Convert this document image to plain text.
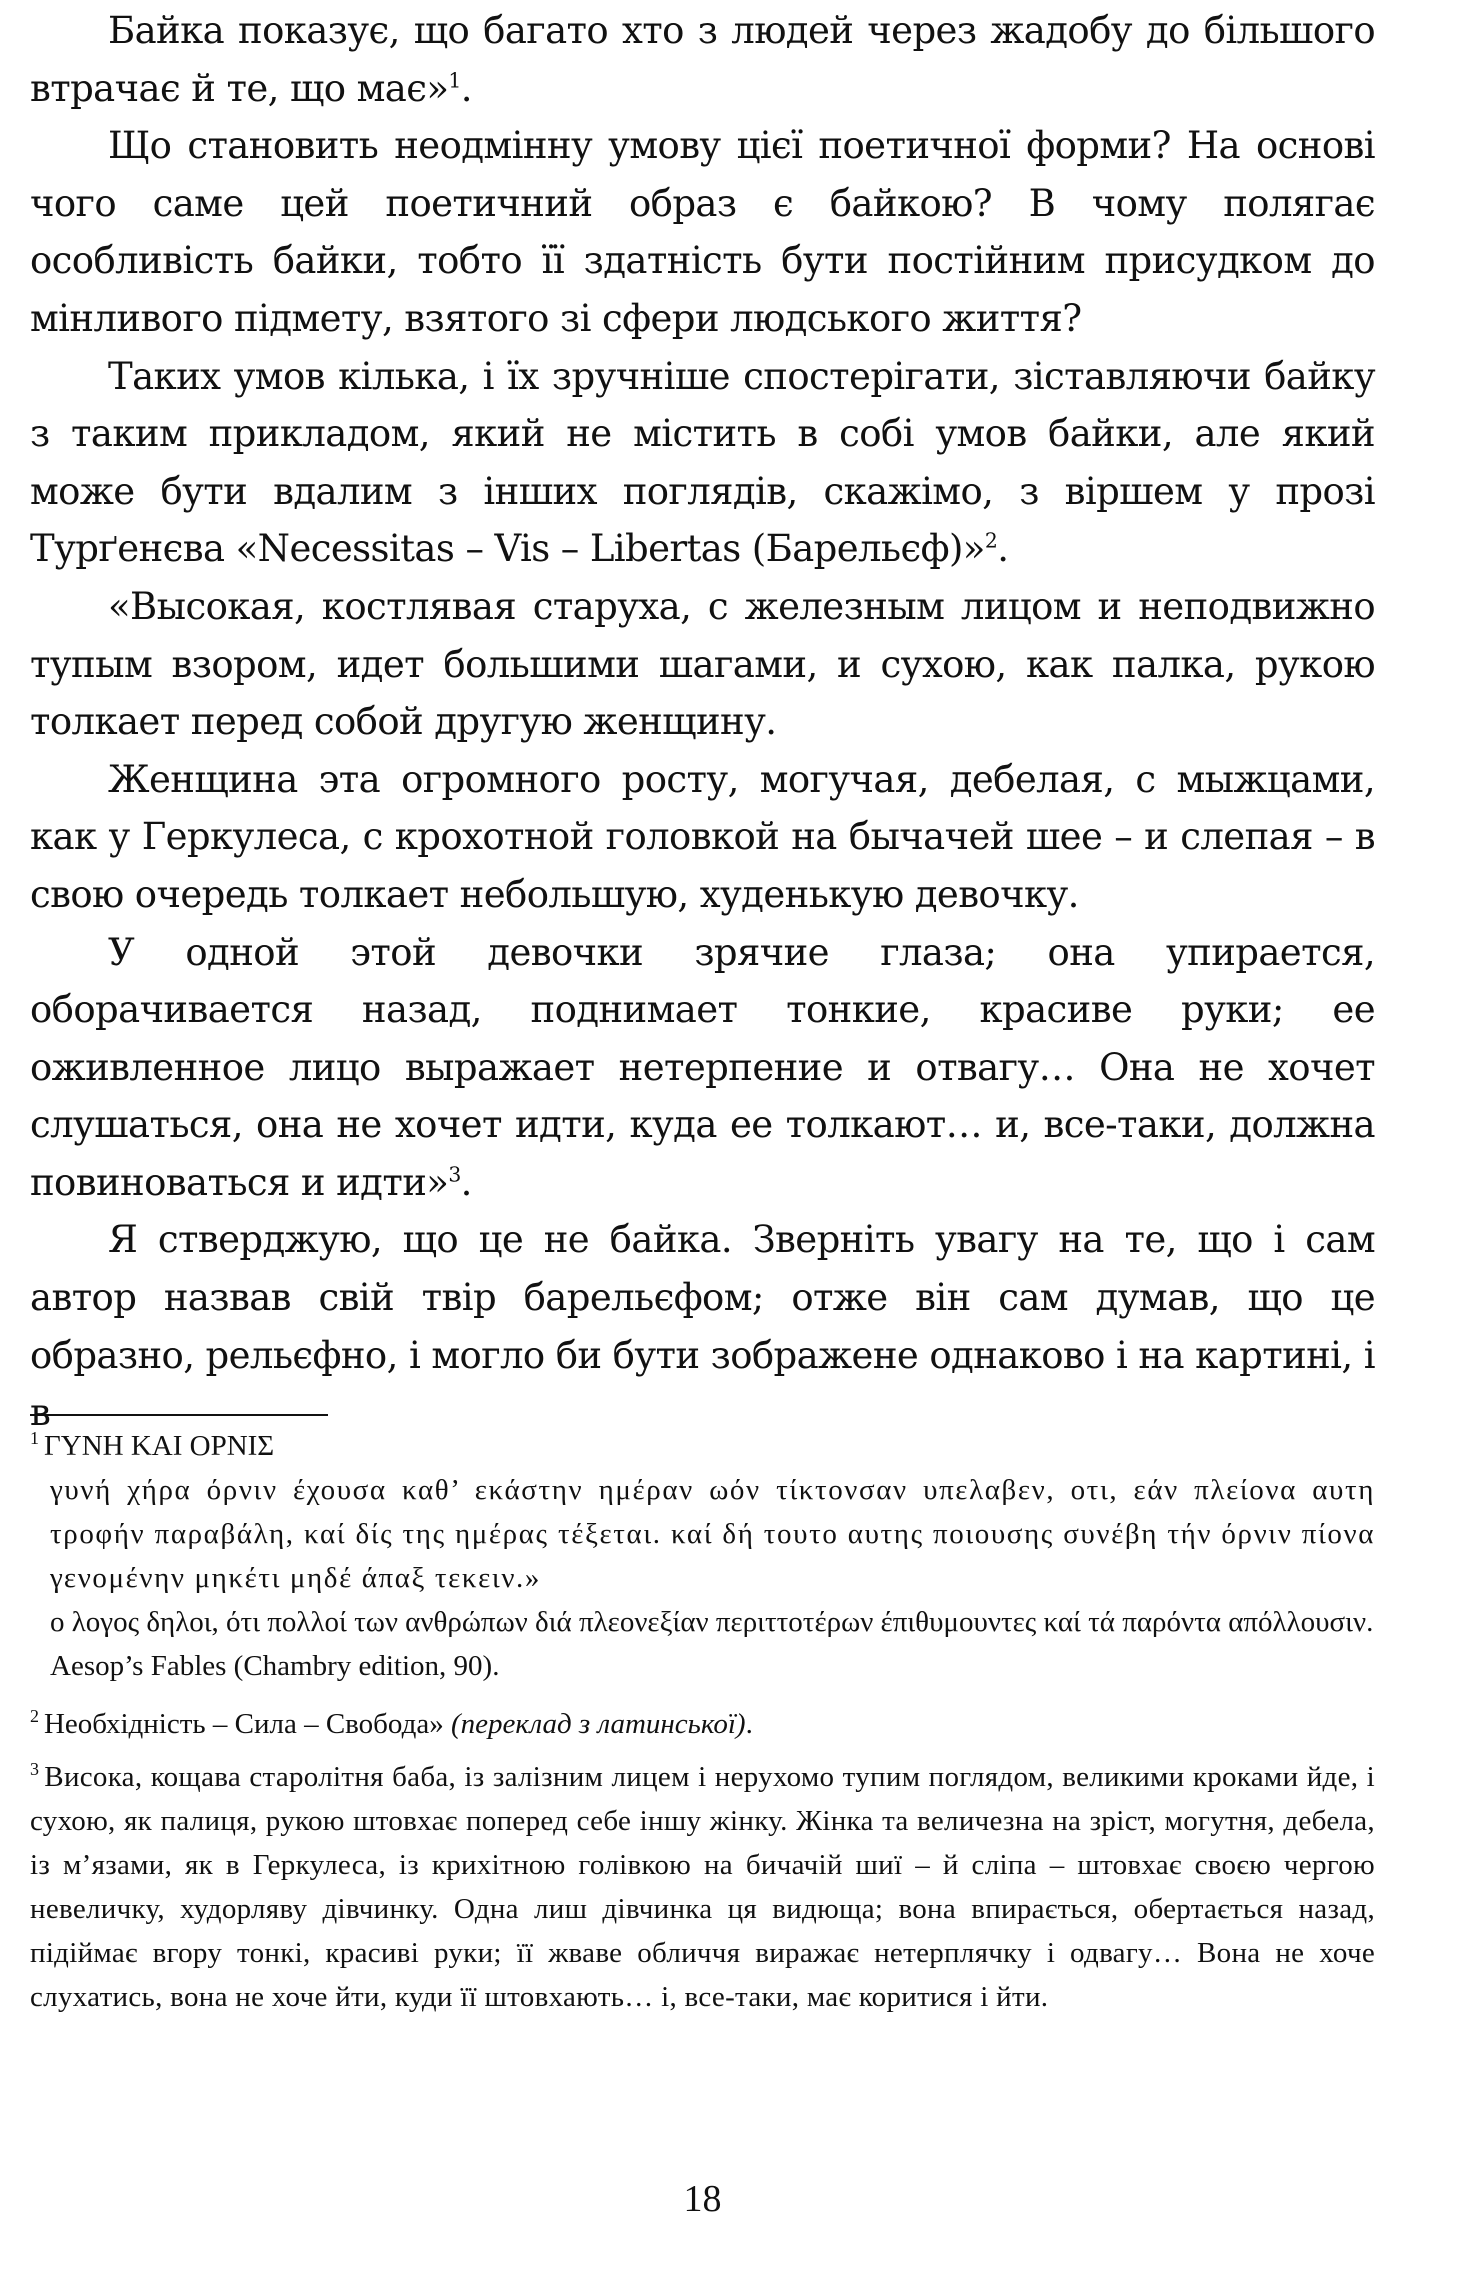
Байка показує, що багато хто з людей через жадобу до більшого втрачає й те, що має»$^1$.

Що становить неодмінну умову цієї поетичної форми? На основі чого саме цей поетичний образ є байкою? В чому полягає особливість байки, тобто її здатність бути постійним присудком до мінливого підмету, взятого зі сфери людського життя?

Таких умов кілька, і їх зручніше спостерігати, зіставляючи байку з таким прикладом, який не містить в собі умов байки, але який може бути вдалим з інших поглядів, скажімо, з віршем у прозі Турґенєва «Necessitas – Vis – Libertas (Барельєф)»$^2$.

«Высокая, костлявая старуха, с железным лицом и неподвижно тупым взором, идет большими шагами, и сухою, как палка, рукою толкает перед собой другую женщину.

Женщина эта огромного росту, могучая, дебелая, с мыжцами, как у Геркулеса, с крохотной головкой на бычачей шее – и слепая – в свою очередь толкает небольшую, худенькую девочку.

У одной этой девочки зрячие глаза; она упирается, оборачивается назад, поднимает тонкие, красиве руки; ее оживленное лицо выражает нетерпение и отвагу… Она не хочет слушаться, она не хочет идти, куда ее толкают… и, все-таки, должна повиноваться и идти»$^3$.

Я стверджую, що це не байка. Зверніть увагу на те, що і сам автор назвав свій твір барельєфом; отже він сам думав, що це образно, рельєфно, і могло би бути зображене однаково і на картині, і в

$^1$ ΓΥΝΗ ΚΑΙ ΟΡΝΙΣ

γυνή χήρα όρνιν έχουσα καθ’ εκάστην ημέραν ωόν τίκτονσαν υπελαβεν, οτι, εάν πλείονα αυτη τροφήν παραβάλη, καί δίς της ημέρας τέξεται. καί δή τουτο αυτης ποιουσης συνέβη τήν όρνιν πίονα γενομένην μηκέτι μηδέ άπαξ τεκειν.»

ο λογος δηλοι, ότι πολλοί των ανθρώπων διά πλεονεξίαν περιττοτέρων έπιθυμουντες καί τά παρόντα απόλλουσιν.

Aesop’s Fables (Chambry edition, 90).

$^2$ Необхідність – Сила – Свобода» (переклад з латинської).

$^3$ Висока, кощава старолітня баба, із залізним лицем і нерухомо тупим поглядом, великими кроками йде, і сухою, як палиця, рукою штовхає поперед себе іншу жінку. Жінка та величезна на зріст, могутня, дебела, із м’язами, як в Геркулеса, із крихітною голівкою на бичачій шиї – й сліпа – штовхає своєю чергою невеличку, худорляву дівчинку. Одна лиш дівчинка ця видюща; вона впирається, обертається назад, підіймає вгору тонкі, красиві руки; її жваве обличчя виражає нетерплячку і одвагу… Вона не хоче слухатись, вона не хоче йти, куди її штовхають… і, все-таки, має коритися і йти.

18
